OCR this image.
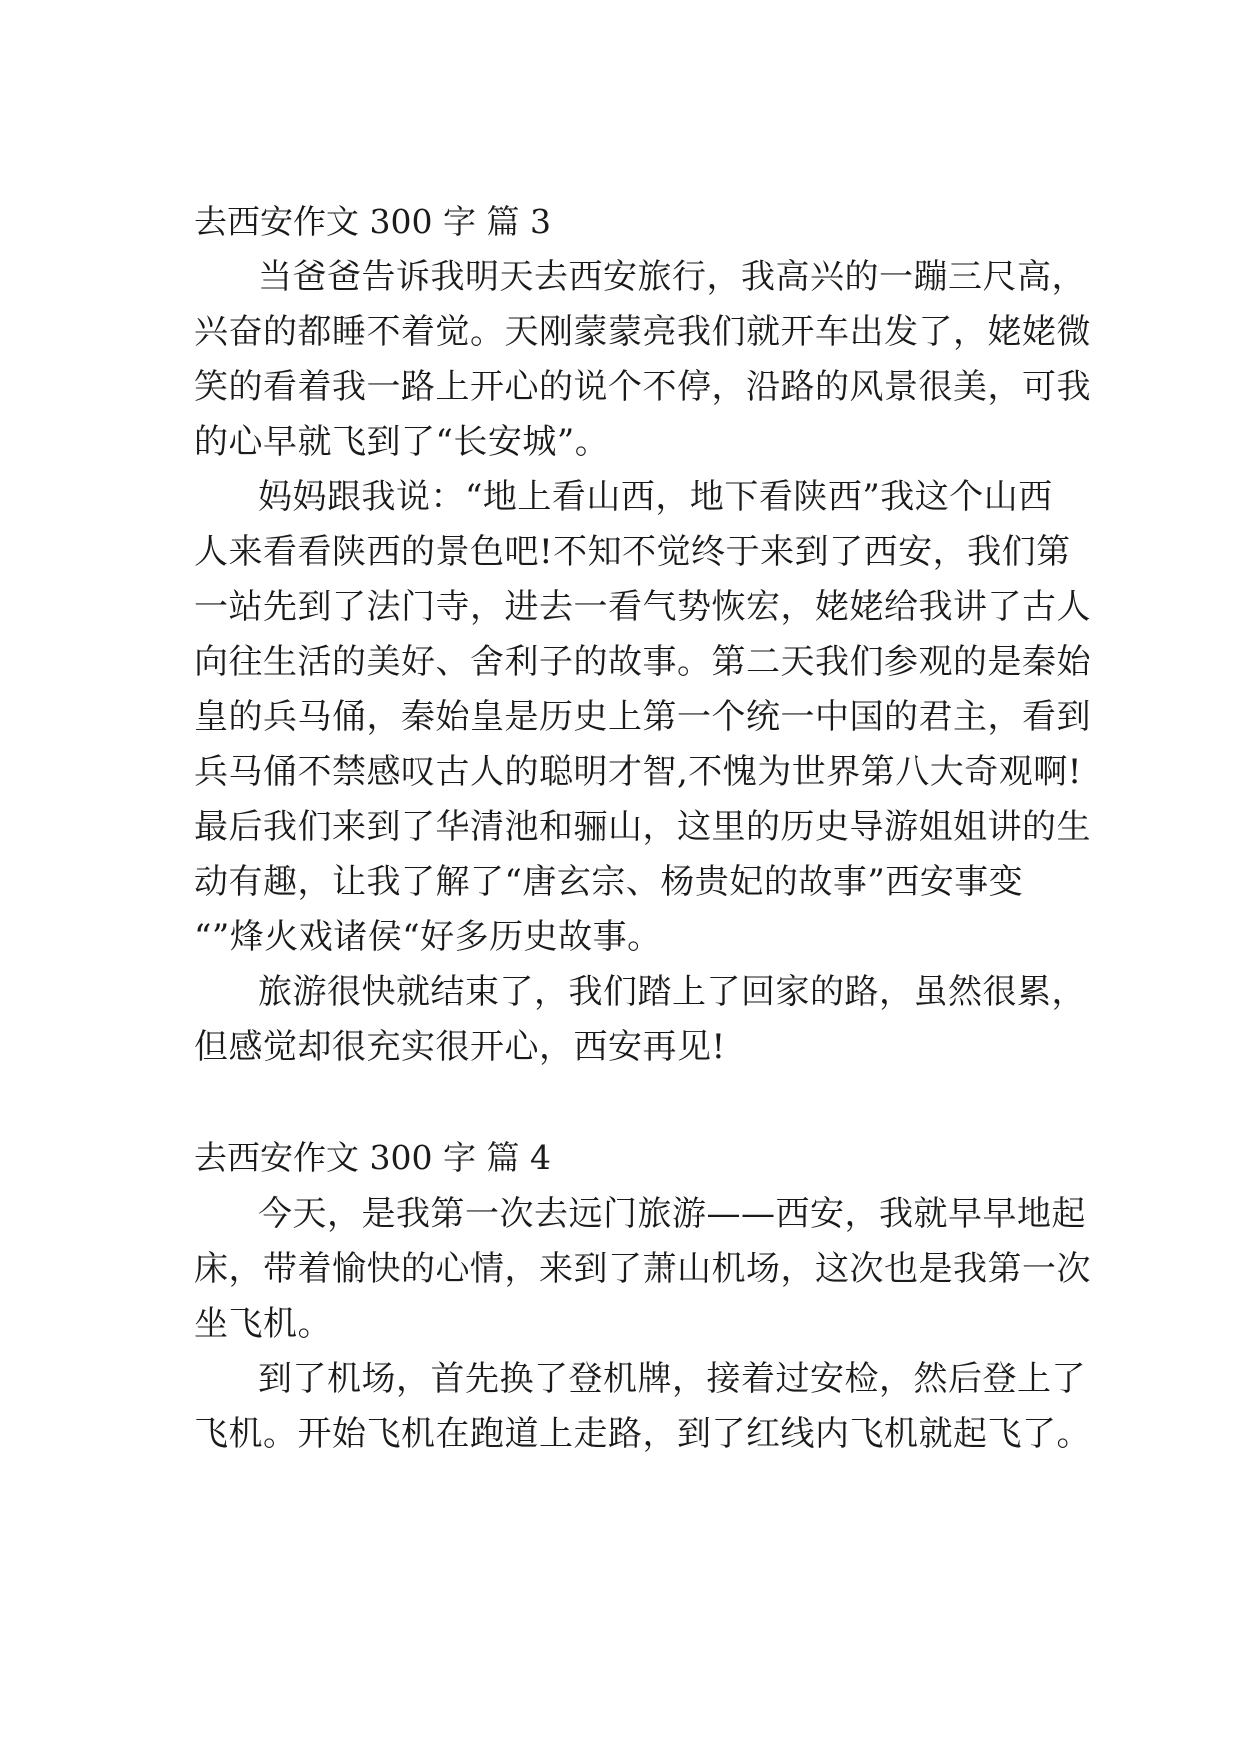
去西安作文 300 字 篇 3
当爸爸告诉我明天去西安旅行，我高兴的一蹦三尺高，
兴奋的都睡不着觉。天刚蒙蒙亮我们就开车出发了，姥姥微
笑的看着我一路上开心的说个不停，沿路的风景很美，可我
的心早就飞到了“长安城”。
妈妈跟我说：“地上看山西，地下看陕西”我这个山西
人来看看陕西的景色吧!不知不觉终于来到了西安，我们第
一站先到了法门寺，进去一看气势恢宏，姥姥给我讲了古人
向往生活的美好、舍利子的故事。第二天我们参观的是秦始
皇的兵马俑，秦始皇是历史上第一个统一中国的君主，看到
兵马俑不禁感叹古人的聪明才智,不愧为世界第八大奇观啊!
最后我们来到了华清池和骊山，这里的历史导游姐姐讲的生
动有趣，让我了解了“唐玄宗、杨贵妃的故事”西安事变
“”烽火戏诸侯“好多历史故事。
旅游很快就结束了，我们踏上了回家的路，虽然很累，
但感觉却很充实很开心，西安再见!
去西安作文 300 字 篇 4
今天，是我第一次去远门旅游——西安，我就早早地起
床，带着愉快的心情，来到了萧山机场，这次也是我第一次
坐飞机。
到了机场，首先换了登机牌，接着过安检，然后登上了
飞机。开始飞机在跑道上走路，到了红线内飞机就起飞了。
